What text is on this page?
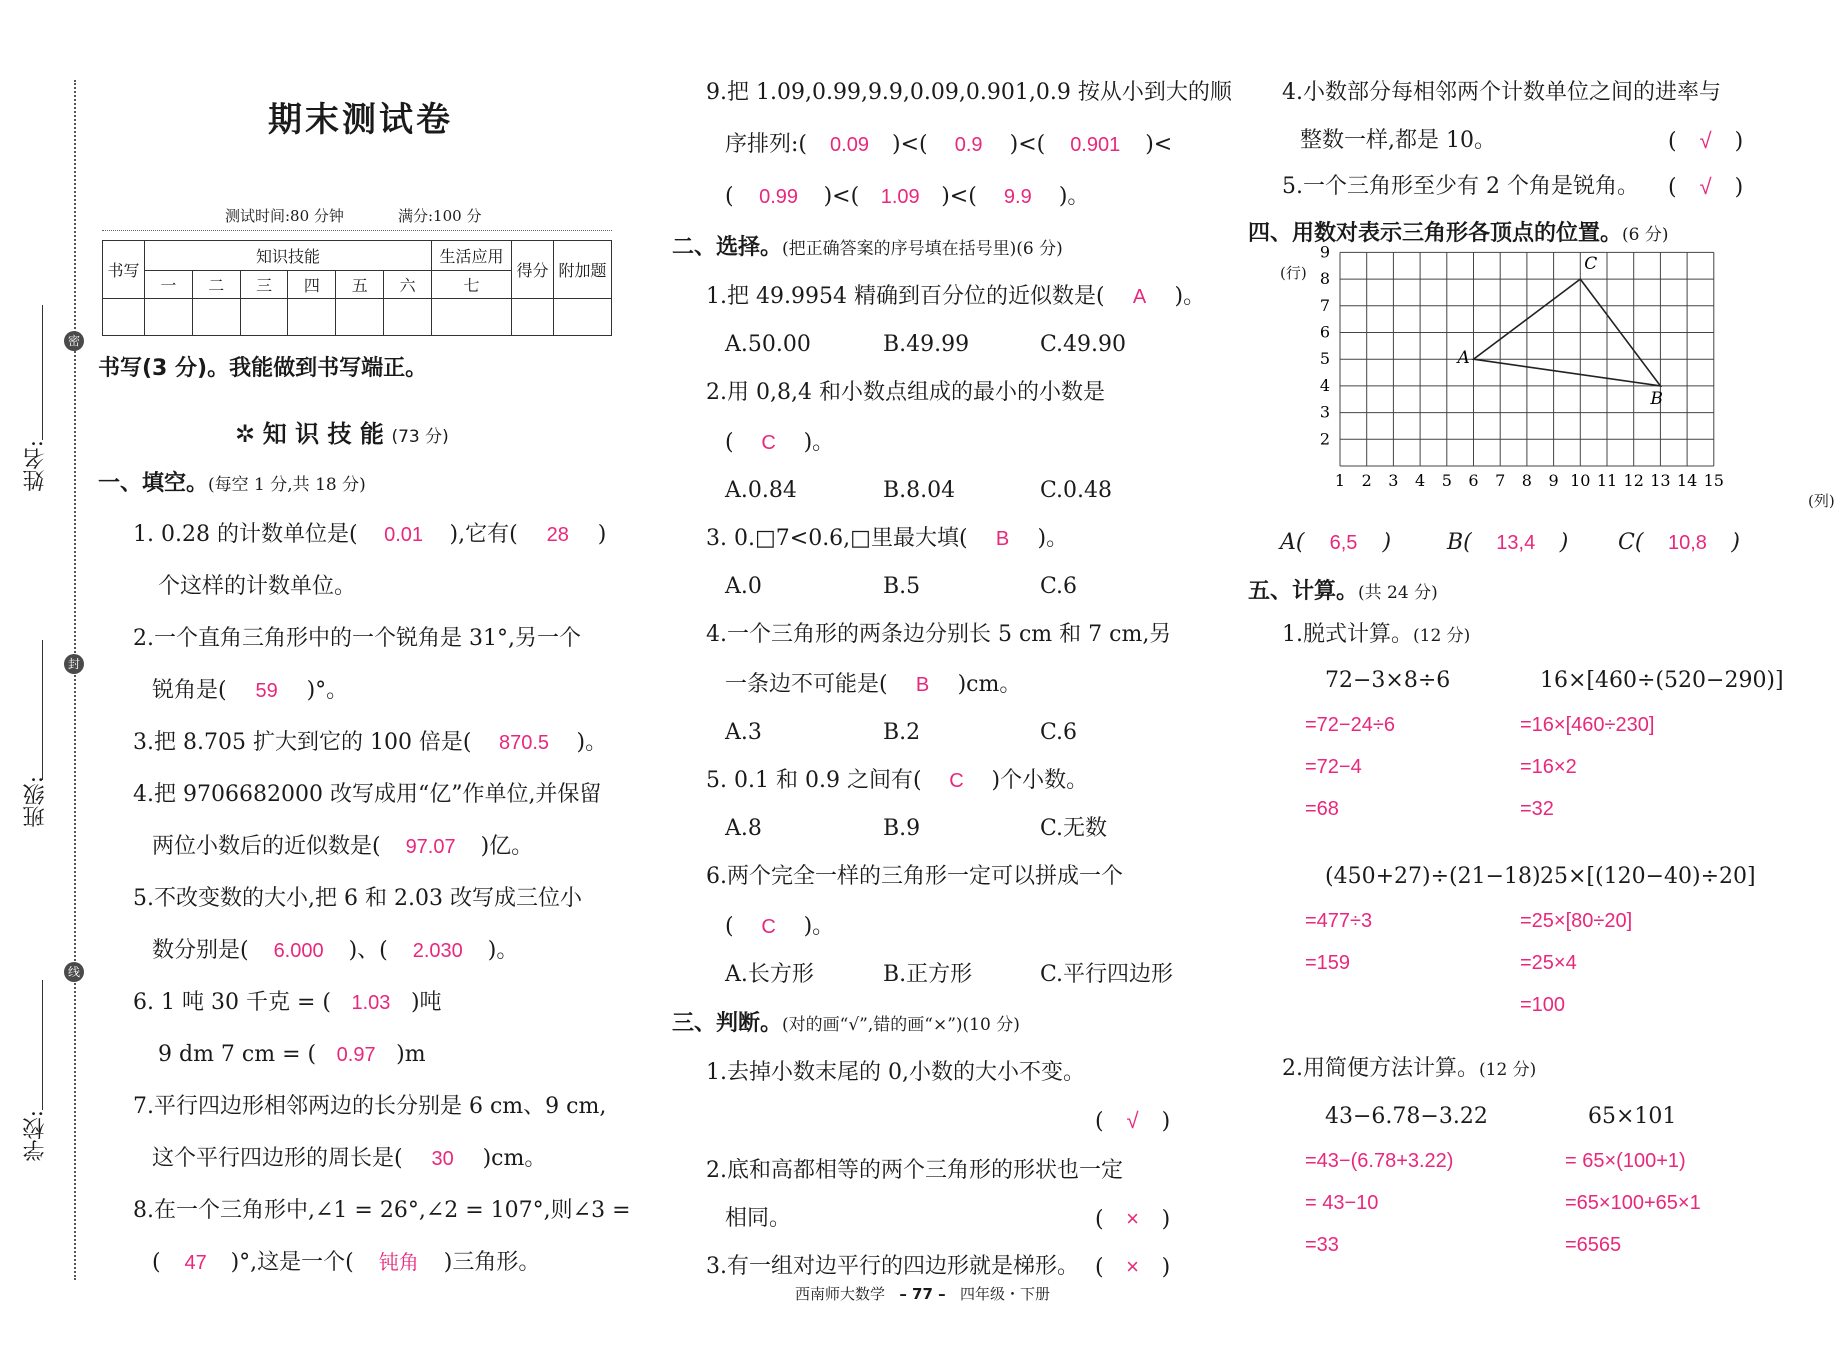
密
封
线
姓名:
班级:
学校:
期末测试卷
测试时间:80 分钟	满分:100 分
书写	知识技能						生活应用	得分	附加题
	一	二	三	四	五	六	七		

书写(3 分)。我能做到书写端正。
✲ 知 识 技 能 (73 分)
一、填空。(每空 1 分,共 18 分)
1. 0.28 的计数单位是( 0.01 ),它有( 28 )
个这样的计数单位。
2.一个直角三角形中的一个锐角是 31°,另一个
锐角是( 59 )°。
3.把 8.705 扩大到它的 100 倍是( 870.5 )。
4.把 9706682000 改写成用“亿”作单位,并保留
两位小数后的近似数是( 97.07 )亿。
5.不改变数的大小,把 6 和 2.03 改写成三位小
数分别是( 6.000 )、( 2.030 )。
6. 1 吨 30 千克 = ( 1.03 )吨
9 dm 7 cm = ( 0.97 )m
7.平行四边形相邻两边的长分别是 6 cm、9 cm,
这个平行四边形的周长是( 30 )cm。
8.在一个三角形中,∠1 = 26°,∠2 = 107°,则∠3 =
( 47 )°,这是一个( 钝角 )三角形。
9.把 1.09,0.99,9.9,0.09,0.901,0.9 按从小到大的顺
序排列:( 0.09 )<( 0.9 )<( 0.901 )<
( 0.99 )<( 1.09 )<( 9.9 )。
二、选择。(把正确答案的序号填在括号里)(6 分)
1.把 49.9954 精确到百分位的近似数是( A )。
A.50.00	B.49.99	C.49.90
2.用 0,8,4 和小数点组成的最小的小数是
( C )。
A.0.84	B.8.04	C.0.48
3. 0.□7<0.6,□里最大填( B )。
A.0	B.5	C.6
4.一个三角形的两条边分别长 5 cm 和 7 cm,另
一条边不可能是( B )cm。
A.3	B.2	C.6
5. 0.1 和 0.9 之间有( C )个小数。
A.8	B.9	C.无数
6.两个完全一样的三角形一定可以拼成一个
( C )。
A.长方形	B.正方形	C.平行四边形
三、判断。(对的画“√”,错的画“×”)(10 分)
1.去掉小数末尾的 0,小数的大小不变。
( √ )
2.底和高都相等的两个三角形的形状也一定
相同。	( × )
3.有一组对边平行的四边形就是梯形。 ( × )
4.小数部分每相邻两个计数单位之间的进率与
整数一样,都是 10。	( √ )
5.一个三角形至少有 2 个角是锐角。 ( √ )
四、用数对表示三角形各顶点的位置。(6 分)
(行)
(列)
1 2 3 4 5 6 7 8 9 10 11 12 13 14 15
2
3
4
5
6
7
8
9
A
B
C
A( 6,5 )	B( 13,4 ) C( 10,8 )
五、计算。(共 24 分)
1.脱式计算。(12 分)
72−3×8÷6
=72−24÷6
=72−4
=68
16×[460÷(520−290)]
=16×[460÷230]
=16×2
=32
(450+27)÷(21−18)
=477÷3
=159
25×[(120−40)÷20]
=25×[80÷20]
=25×4
=100
2.用简便方法计算。(12 分)
43−6.78−3.22
=43−(6.78+3.22)
= 43−10
=33
65×101
= 65×(100+1)
=65×100+65×1
=6565
西南师大数学 – 77 – 四年级・下册
